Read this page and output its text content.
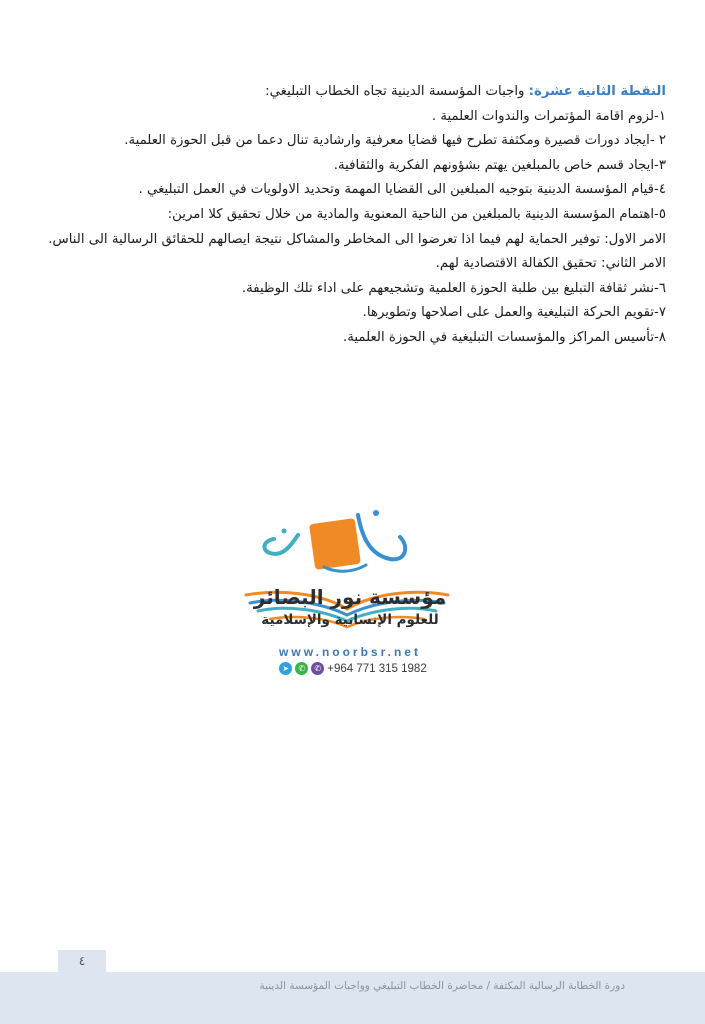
النقطة الثانية عشرة: واجبات المؤسسة الدينية تجاه الخطاب التبليغي:

١-لزوم اقامة المؤتمرات والندوات العلمية .

٢ -ايجاد دورات قصيرة ومكثفة تطرح فيها قضايا معرفية وارشادية تنال دعما من قبل الحوزة العلمية.

٣-ايجاد قسم خاص بالمبلغين يهتم بشؤونهم الفكرية والثقافية.

٤-قيام المؤسسة الدينية بتوجيه المبلغين الى القضايا المهمة وتحديد الاولويات في العمل التبليغي .

٥-اهتمام المؤسسة الدينية بالمبلغين من الناحية المعنوية والمادية من خلال تحقيق كلا امرين:

الامر الاول: توفير الحماية لهم فيما اذا تعرضوا الى المخاطر والمشاكل نتيجة ايصالهم للحقائق الرسالية الى الناس.

الامر الثاني: تحقيق الكفالة الاقتصادية لهم.

٦-نشر ثقافة التبليغ بين طلبة الحوزة العلمية وتشجيعهم على اداء تلك الوظيفة.

٧-تقويم الحركة التبليغية والعمل على اصلاحها وتطويرها.

٨-تأسيس المراكز والمؤسسات التبليغية في الحوزة العلمية.

مؤسسة نور البصائر
للعلوم الإنسانية والإسلامية
www.noorbsr.net
➤	✆	✆ +964 771 315 1982
٤
دورة الخطابة الرسالية المكثفة / محاضرة الخطاب التبليغي وواجبات المؤسسة الدينية
